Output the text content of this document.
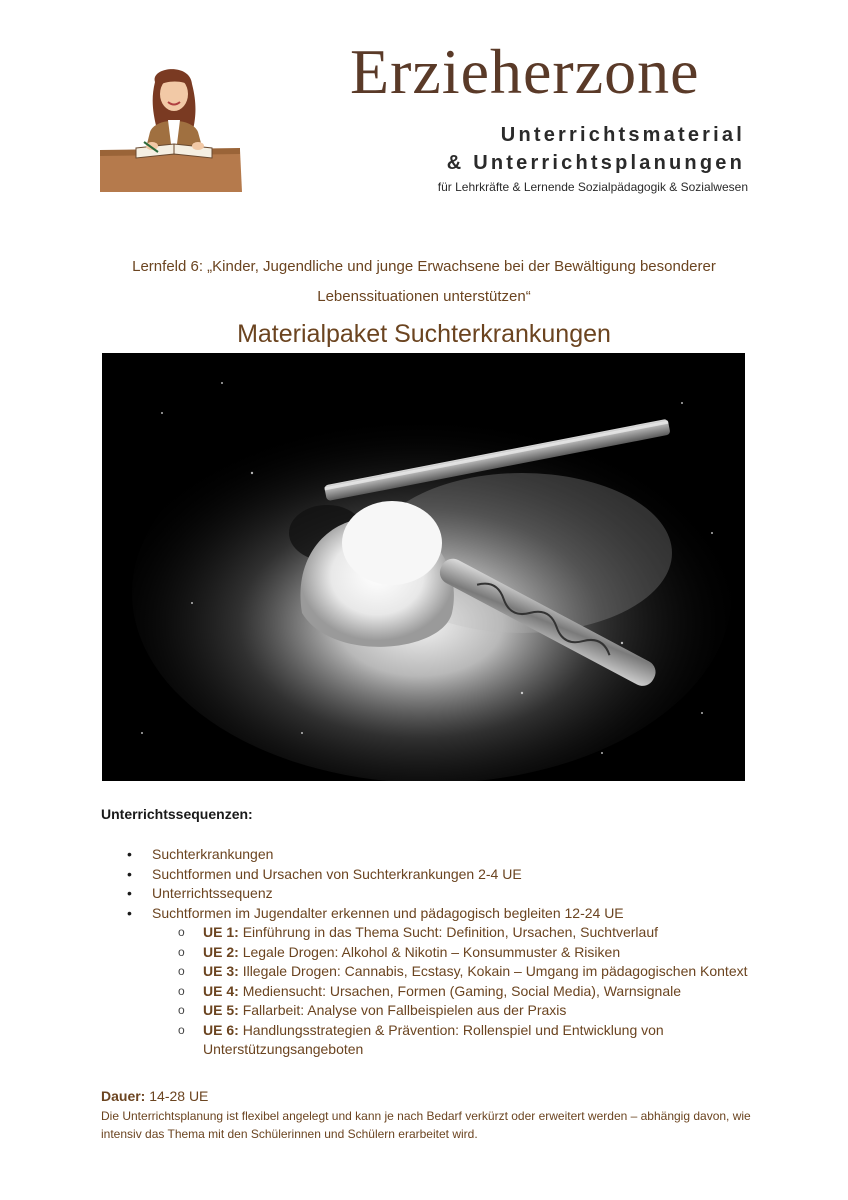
Erzieherzone
Unterrichtsmaterial
& Unterrichtsplanungen
für Lehrkräfte & Lernende Sozialpädagogik & Sozialwesen
Lernfeld 6: „Kinder, Jugendliche und junge Erwachsene bei der Bewältigung besonderer Lebenssituationen unterstützen“
Materialpaket Suchterkrankungen
Unterrichtssequenzen:
• Suchterkrankungen
• Suchtformen und Ursachen von Suchterkrankungen 2-4 UE
• Unterrichtssequenz
• Suchtformen im Jugendalter erkennen und pädagogisch begleiten 12-24 UE
o UE 1: Einführung in das Thema Sucht: Definition, Ursachen, Suchtverlauf
o UE 2: Legale Drogen: Alkohol & Nikotin – Konsummuster & Risiken
o UE 3: Illegale Drogen: Cannabis, Ecstasy, Kokain – Umgang im pädagogischen Kontext
o UE 4: Mediensucht: Ursachen, Formen (Gaming, Social Media), Warnsignale
o UE 5: Fallarbeit: Analyse von Fallbeispielen aus der Praxis
o UE 6: Handlungsstrategien & Prävention: Rollenspiel und Entwicklung von Unterstützungsangeboten
Dauer: 14-28 UE
Die Unterrichtsplanung ist flexibel angelegt und kann je nach Bedarf verkürzt oder erweitert werden – abhängig davon, wie intensiv das Thema mit den Schülerinnen und Schülern erarbeitet wird.
